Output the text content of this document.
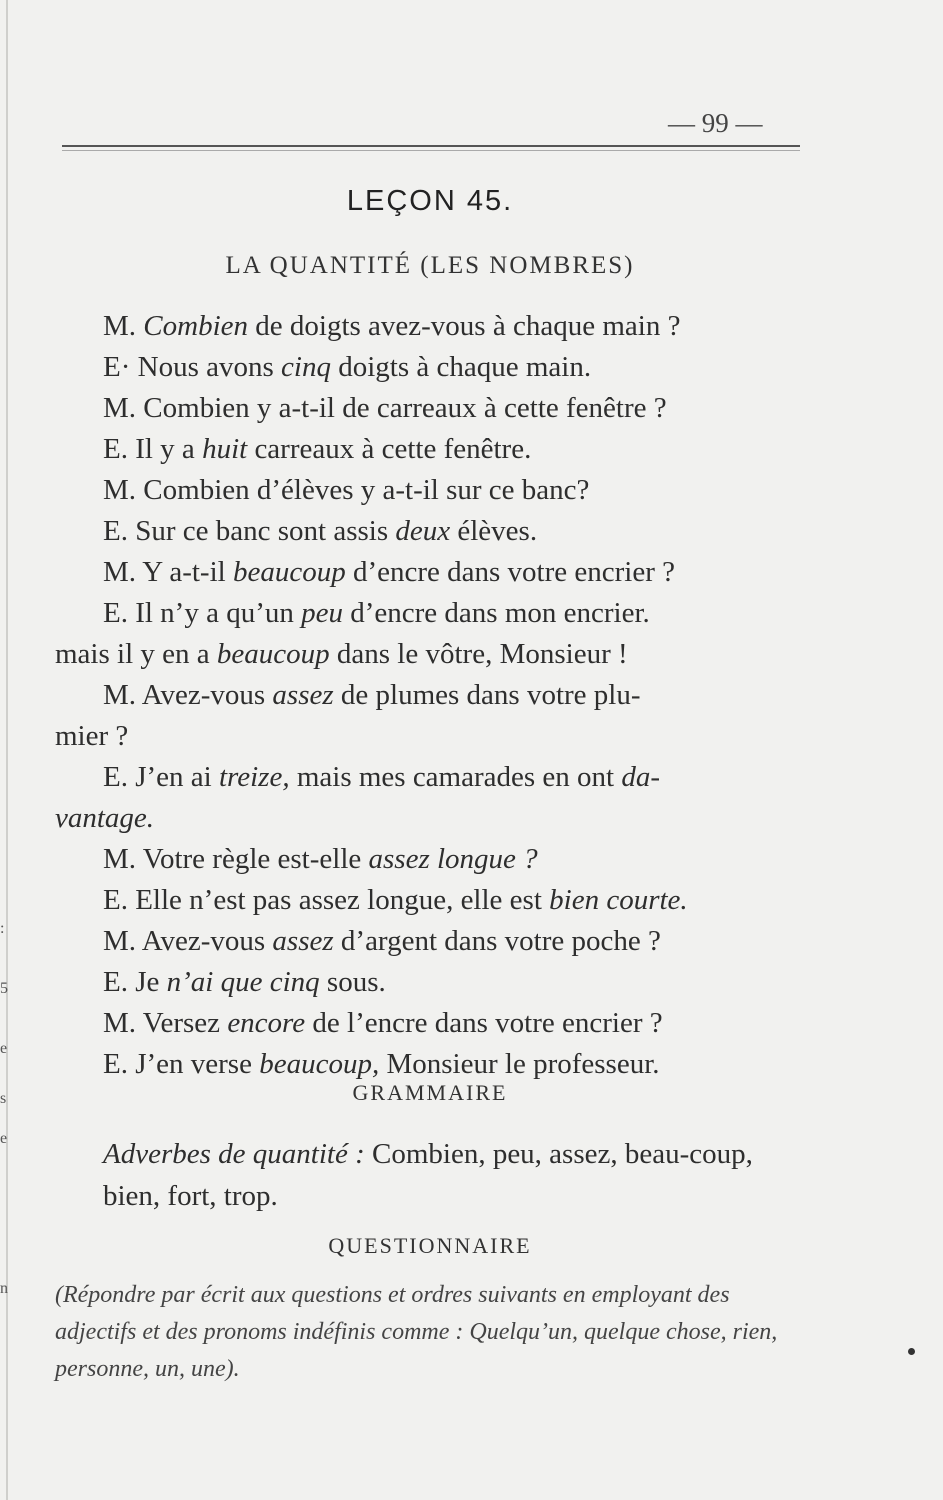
— 99 —
LEÇON 45.
LA QUANTITÉ (LES NOMBRES)
M. Combien de doigts avez-vous à chaque main ?
E· Nous avons cinq doigts à chaque main.
M. Combien y a-t-il de carreaux à cette fenêtre ?
E. Il y a huit carreaux à cette fenêtre.
M. Combien d’élèves y a-t-il sur ce banc?
E. Sur ce banc sont assis deux élèves.
M. Y a-t-il beaucoup d’encre dans votre encrier ?
E. Il n’y a qu’un peu d’encre dans mon encrier.
mais il y en a beaucoup dans le vôtre, Monsieur !
M. Avez-vous assez de plumes dans votre plu-
mier ?
E. J’en ai treize, mais mes camarades en ont da-
vantage.
M. Votre règle est-elle assez longue ?
E. Elle n’est pas assez longue, elle est bien courte.
M. Avez-vous assez d’argent dans votre poche ?
E. Je n’ai que cinq sous.
M. Versez encore de l’encre dans votre encrier ?
E. J’en verse beaucoup, Monsieur le professeur.
GRAMMAIRE
Adverbes de quantité : Combien, peu, assez, beau-coup, bien, fort, trop.
QUESTIONNAIRE
(Répondre par écrit aux questions et ordres suivants en employant des adjectifs et des pronoms indéfinis comme : Quelqu’un, quelque chose, rien, personne, un, une).
:
5
e
s
e
n
